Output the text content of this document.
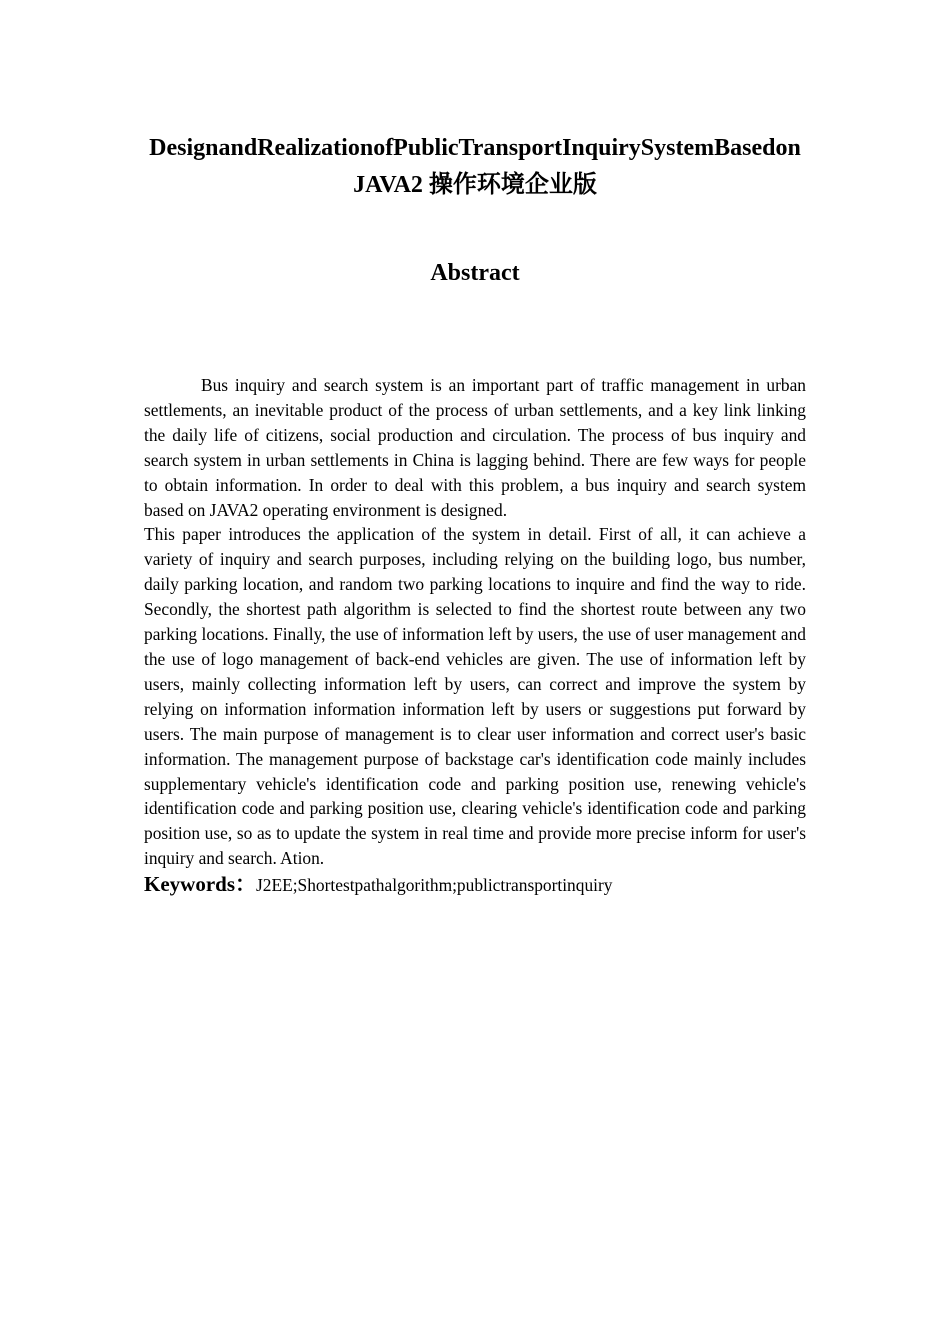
DesignandRealizationofPublicTransportInquirySystemBasedonJAVA2 操作环境企业版
Abstract

Bus inquiry and search system is an important part of traffic management in urban settlements, an inevitable product of the process of urban settlements, and a key link linking the daily life of citizens, social production and circulation. The process of bus inquiry and search system in urban settlements in China is lagging behind. There are few ways for people to obtain information. In order to deal with this problem, a bus inquiry and search system based on JAVA2 operating environment is designed.

This paper introduces the application of the system in detail. First of all, it can achieve a variety of inquiry and search purposes, including relying on the building logo, bus number, daily parking location, and random two parking locations to inquire and find the way to ride. Secondly, the shortest path algorithm is selected to find the shortest route between any two parking locations. Finally, the use of information left by users, the use of user management and the use of logo management of back-end vehicles are given. The use of information left by users, mainly collecting information left by users, can correct and improve the system by relying on information information information left by users or suggestions put forward by users. The main purpose of management is to clear user information and correct user's basic information. The management purpose of backstage car's identification code mainly includes supplementary vehicle's identification code and parking position use, renewing vehicle's identification code and parking position use, clearing vehicle's identification code and parking position use, so as to update the system in real time and provide more precise inform for user's inquiry and search. Ation.

Keywords：J2EE;Shortestpathalgorithm;publictransportinquiry
